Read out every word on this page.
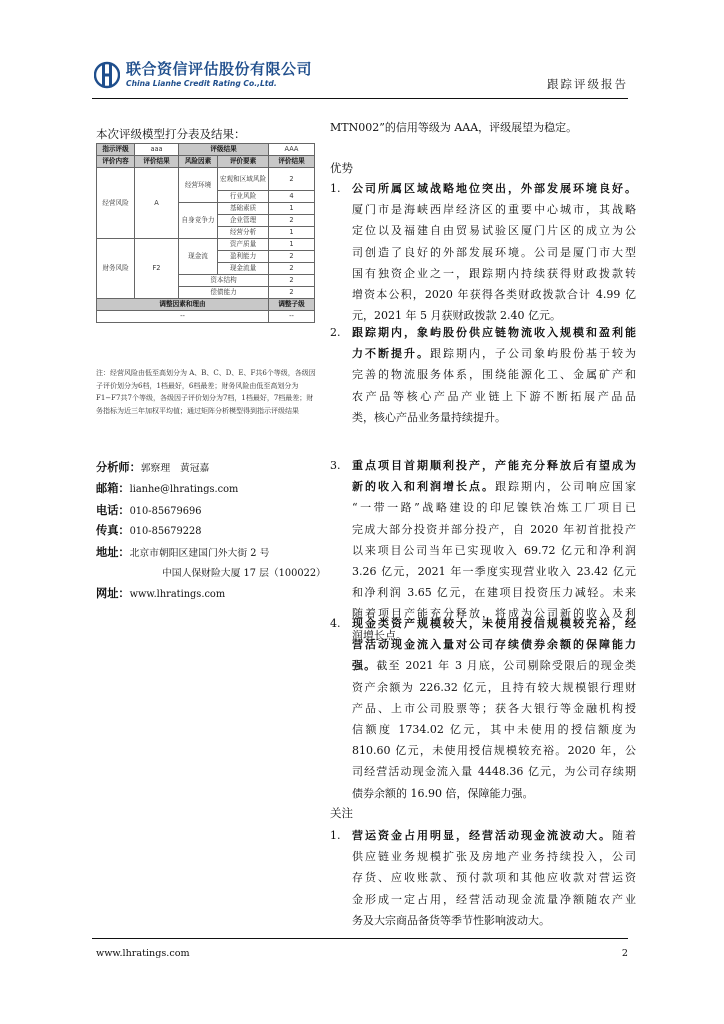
联合资信评估股份有限公司
China Lianhe Credit Rating Co.,Ltd.	跟踪评级报告
本次评级模型打分表及结果：
指示评级	aaa	评级结果		AAA
评价内容	评价结果	风险因素	评价要素	评价结果
经营风险	A	经营环境	宏观和区域风险	2
			行业风险	4
		自身竞争力	基础素质	1
			企业管理	2
			经营分析	1
财务风险	F2	现金流	资产质量	1
			盈利能力	2
			现金流量	2
		资本结构		2
		偿债能力		2
调整因素和理由				调整子级
--				--
注：经营风险由低至高划分为 A、B、C、D、E、F共6个等级，各级因子评价划分为6档，1档最好，6档最差；财务风险由低至高划分为F1−F7共7个等级，各级因子评价划分为7档，1档最好，7档最差；财务指标为近三年加权平均值；通过矩阵分析模型得到指示评级结果
分析师：郭察理　黄冠嘉
邮箱：lianhe@lhratings.com
电话：010-85679696
传真：010-85679228
地址：北京市朝阳区建国门外大街 2 号
中国人保财险大厦 17 层（100022）
网址：www.lhratings.com
MTN002”的信用等级为 AAA，评级展望为稳定。
优势
1. 公司所属区域战略地位突出，外部发展环境良好。
厦门市是海峡西岸经济区的重要中心城市，其战略
定位以及福建自由贸易试验区厦门片区的成立为公
司创造了良好的外部发展环境。公司是厦门市大型
国有独资企业之一，跟踪期内持续获得财政拨款转
增资本公积，2020 年获得各类财政拨款合计 4.99 亿
元，2021 年 5 月获财政拨款 2.40 亿元。
2. 跟踪期内，象屿股份供应链物流收入规模和盈利能
力不断提升。跟踪期内，子公司象屿股份基于较为
完善的物流服务体系，围绕能源化工、金属矿产和
农产品等核心产品产业链上下游不断拓展产品品
类，核心产品业务量持续提升。
3. 重点项目首期顺利投产，产能充分释放后有望成为
新的收入和利润增长点。跟踪期内，公司响应国家
“一带一路”战略建设的印尼镍铁冶炼工厂项目已
完成大部分投资并部分投产，自 2020 年初首批投产
以来项目公司当年已实现收入 69.72 亿元和净利润
3.26 亿元，2021 年一季度实现营业收入 23.42 亿元
和净利润 3.65 亿元，在建项目投资压力减轻。未来
随着项目产能充分释放，将成为公司新的收入及利
润增长点。
4. 现金类资产规模较大，未使用授信规模较充裕，经
营活动现金流入量对公司存续债券余额的保障能力
强。截至 2021 年 3 月底，公司剔除受限后的现金类
资产余额为 226.32 亿元，且持有较大规模银行理财
产品、上市公司股票等；获各大银行等金融机构授
信额度 1734.02 亿元，其中未使用的授信额度为
810.60 亿元，未使用授信规模较充裕。2020 年，公
司经营活动现金流入量 4448.36 亿元，为公司存续期
债券余额的 16.90 倍，保障能力强。
关注
1. 营运资金占用明显，经营活动现金流波动大。随着
供应链业务规模扩张及房地产业务持续投入，公司
存货、应收账款、预付款项和其他应收款对营运资
金形成一定占用，经营活动现金流量净额随农产业
务及大宗商品备货等季节性影响波动大。
www.lhratings.com	2
